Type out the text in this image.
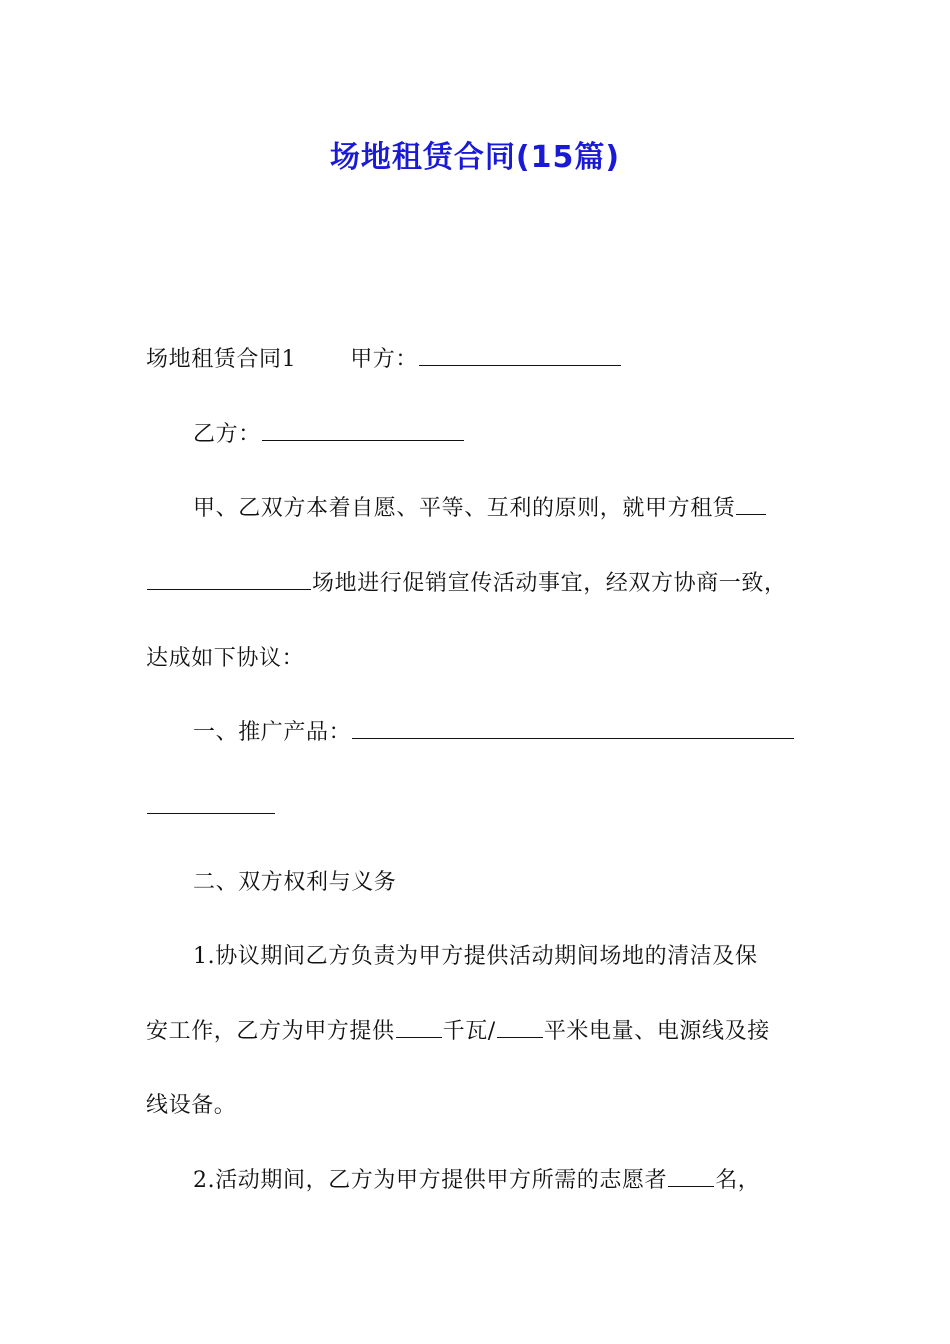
场地租赁合同(15篇)
场地租赁合同1 甲方：
乙方：
甲、乙双方本着自愿、平等、互利的原则，就甲方租赁
场地进行促销宣传活动事宜，经双方协商一致，
达成如下协议：
一、推广产品：
二、双方权利与义务
1.协议期间乙方负责为甲方提供活动期间场地的清洁及保
安工作，乙方为甲方提供 千瓦/ 平米电量、电源线及接
线设备。
2.活动期间，乙方为甲方提供甲方所需的志愿者 名，
